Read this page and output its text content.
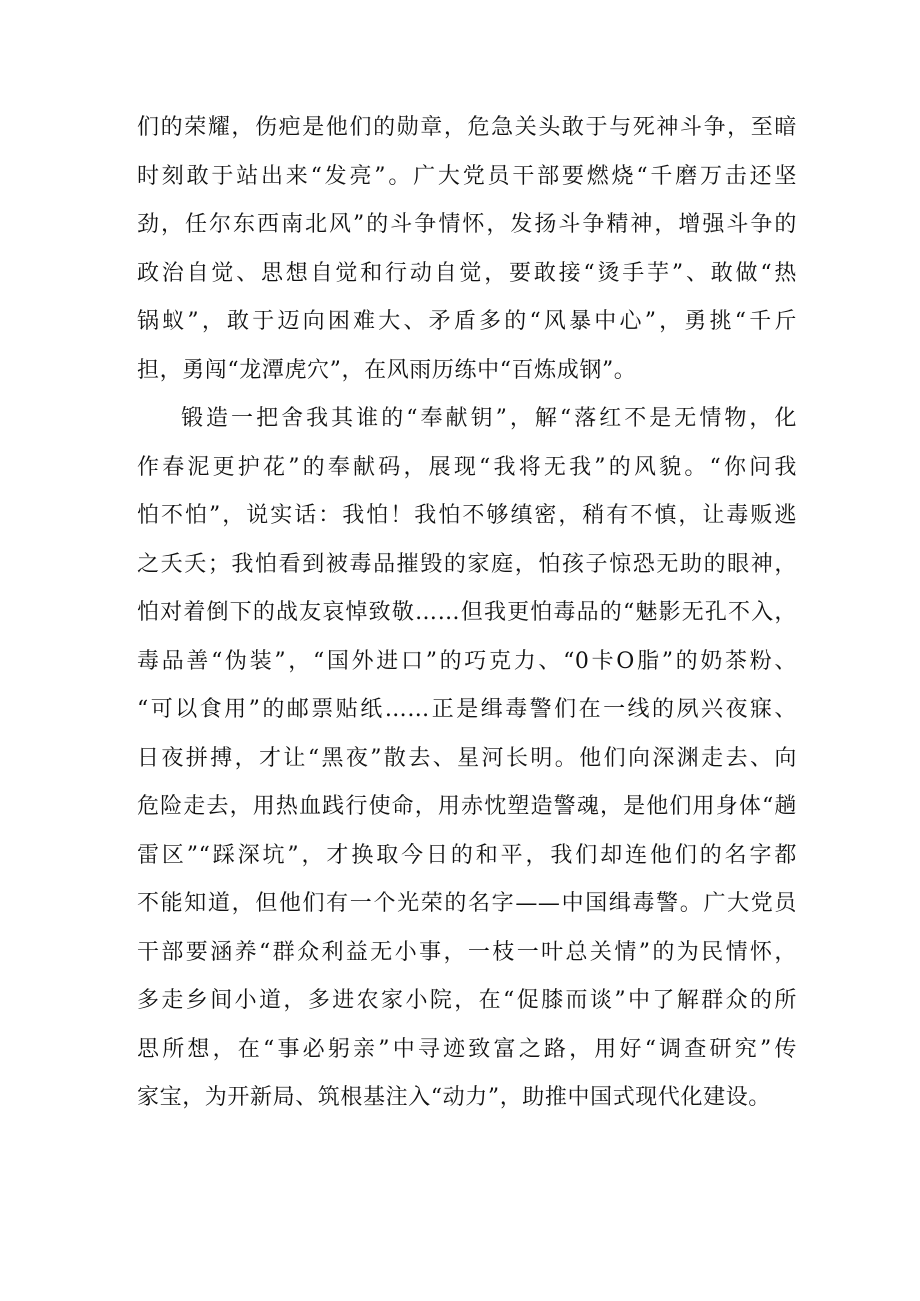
们的荣耀，伤疤是他们的勋章，危急关头敢于与死神斗争，至暗
时刻敢于站出来“发亮”。广大党员干部要燃烧“千磨万击还坚
劲，任尔东西南北风”的斗争情怀，发扬斗争精神，增强斗争的
政治自觉、思想自觉和行动自觉，要敢接“烫手芋”、敢做“热
锅蚁”，敢于迈向困难大、矛盾多的“风暴中心”，勇挑“千斤
担，勇闯“龙潭虎穴”，在风雨历练中“百炼成钢”。
锻造一把舍我其谁的“奉献钥”，解“落红不是无情物，化
作春泥更护花”的奉献码，展现“我将无我”的风貌。“你问我
怕不怕”，说实话：我怕！我怕不够缜密，稍有不慎，让毒贩逃
之夭夭；我怕看到被毒品摧毁的家庭，怕孩子惊恐无助的眼神，
怕对着倒下的战友哀悼致敬……但我更怕毒品的“魅影无孔不入，
毒品善“伪装”，“国外进口”的巧克力、“0卡O脂”的奶茶粉、
“可以食用”的邮票贴纸……正是缉毒警们在一线的夙兴夜寐、
日夜拼搏，才让“黑夜”散去、星河长明。他们向深渊走去、向
危险走去，用热血践行使命，用赤忱塑造警魂，是他们用身体“趟
雷区”“踩深坑”，才换取今日的和平，我们却连他们的名字都
不能知道，但他们有一个光荣的名字——中国缉毒警。广大党员
干部要涵养“群众利益无小事，一枝一叶总关情”的为民情怀，
多走乡间小道，多进农家小院，在“促膝而谈”中了解群众的所
思所想，在“事必躬亲”中寻迹致富之路，用好“调查研究”传
家宝，为开新局、筑根基注入“动力”，助推中国式现代化建设。
